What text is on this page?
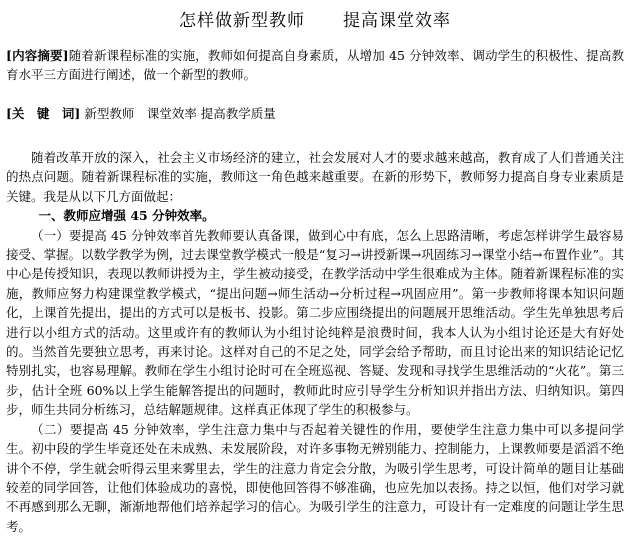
怎样做新型教师 提高课堂效率
[内容摘要]随着新课程标准的实施，教师如何提高自身素质，从增加 45 分钟效率、调动学生的积极性、提高教育水平三方面进行阐述，做一个新型的教师。
[关　键　词] 新型教师　课堂效率 提高教学质量

随着改革开放的深入，社会主义市场经济的建立，社会发展对人才的要求越来越高，教育成了人们普通关注的热点问题。随着新课程标准的实施，教师这一角色越来越重要。在新的形势下，教师努力提高自身专业素质是关键。我是从以下几方面做起：

一、教师应增强 45 分钟效率。

（一）要提高 45 分钟效率首先教师要认真备课，做到心中有底，怎么上思路清晰，考虑怎样讲学生最容易接受、掌握。以数学教学为例，过去课堂教学模式一般是“复习→讲授新课→巩固练习→课堂小结→布置作业”。其中心是传授知识，表现以教师讲授为主，学生被动接受，在教学活动中学生很难成为主体。随着新课程标准的实施，教师应努力构建课堂教学模式，“提出问题→师生活动→分析过程→巩固应用”。第一步教师将课本知识问题化，上课首先提出，提出的方式可以是板书、投影。第二步应围绕提出的问题展开思维活动。学生先单独思考后进行以小组方式的活动。这里或许有的教师认为小组讨论纯粹是浪费时间，我本人认为小组讨论还是大有好处的。当然首先要独立思考，再来讨论。这样对自己的不足之处，同学会给予帮助，而且讨论出来的知识结论记忆特别扎实，也容易理解。教师在学生小组讨论时可在全班巡视、答疑、发现和寻找学生思维活动的“火花”。第三步，估计全班 60%以上学生能解答提出的问题时，教师此时应引导学生分析知识并指出方法、归纳知识。第四步，师生共同分析练习，总结解题规律。这样真正体现了学生的积极参与。

（二）要提高 45 分钟效率，学生注意力集中与否起着关键性的作用，要使学生注意力集中可以多提问学生。初中段的学生毕竟还处在未成熟、未发展阶段，对许多事物无辨别能力、控制能力，上课教师要是滔滔不绝讲个不停，学生就会听得云里来雾里去，学生的注意力肯定会分散，为吸引学生思考，可设计简单的题目让基础较差的同学回答，让他们体验成功的喜悦，即使他回答得不够准确，也应先加以表扬。持之以恒，他们对学习就不再感到那么无聊，渐渐地帮他们培养起学习的信心。为吸引学生的注意力，可设计有一定难度的问题让学生思考。
